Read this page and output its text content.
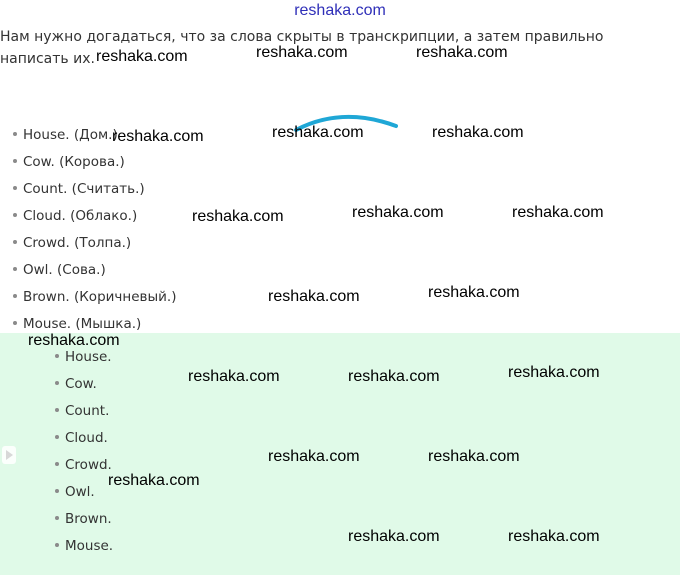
reshaka.com
Нам нужно догадаться, что за слова скрыты в транскрипции, а затем правильно написать их.
House. (Дом.)
Cow. (Корова.)
Count. (Считать.)
Cloud. (Облако.)
Crowd. (Толпа.)
Owl. (Сова.)
Brown. (Коричневый.)
Mouse. (Мышка.)
House.
Cow.
Count.
Cloud.
Crowd.
Owl.
Brown.
Mouse.
reshaka.com	reshaka.com	reshaka.com
reshaka.com	reshaka.com	reshaka.com
reshaka.com	reshaka.com	reshaka.com
reshaka.com	reshaka.com
reshaka.com
reshaka.com	reshaka.com	reshaka.com
reshaka.com	reshaka.com
reshaka.com
reshaka.com	reshaka.com
